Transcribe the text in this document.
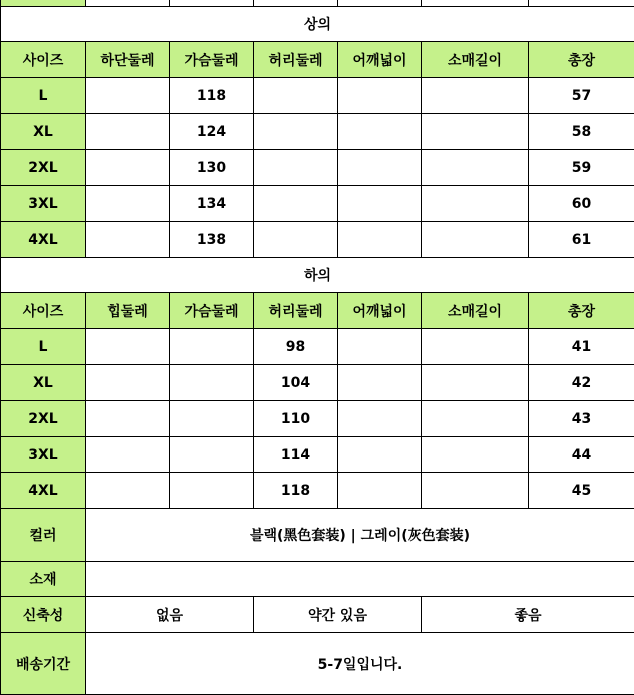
상의						
사이즈	하단둘레	가슴둘레	허리둘레	어깨넓이	소매길이	총장
L		118				57
XL		124				58
2XL		130				59
3XL		134				60
4XL		138				61
하의						
사이즈	힙둘레	가슴둘레	허리둘레	어깨넓이	소매길이	총장
L			98			41
XL			104			42
2XL			110			43
3XL			114			44
4XL			118			45
컬러	블랙(黑色套装) | 그레이(灰色套装)					
소재						
신축성	없음		약간 있음		좋음	
배송기간	5-7일입니다.					
